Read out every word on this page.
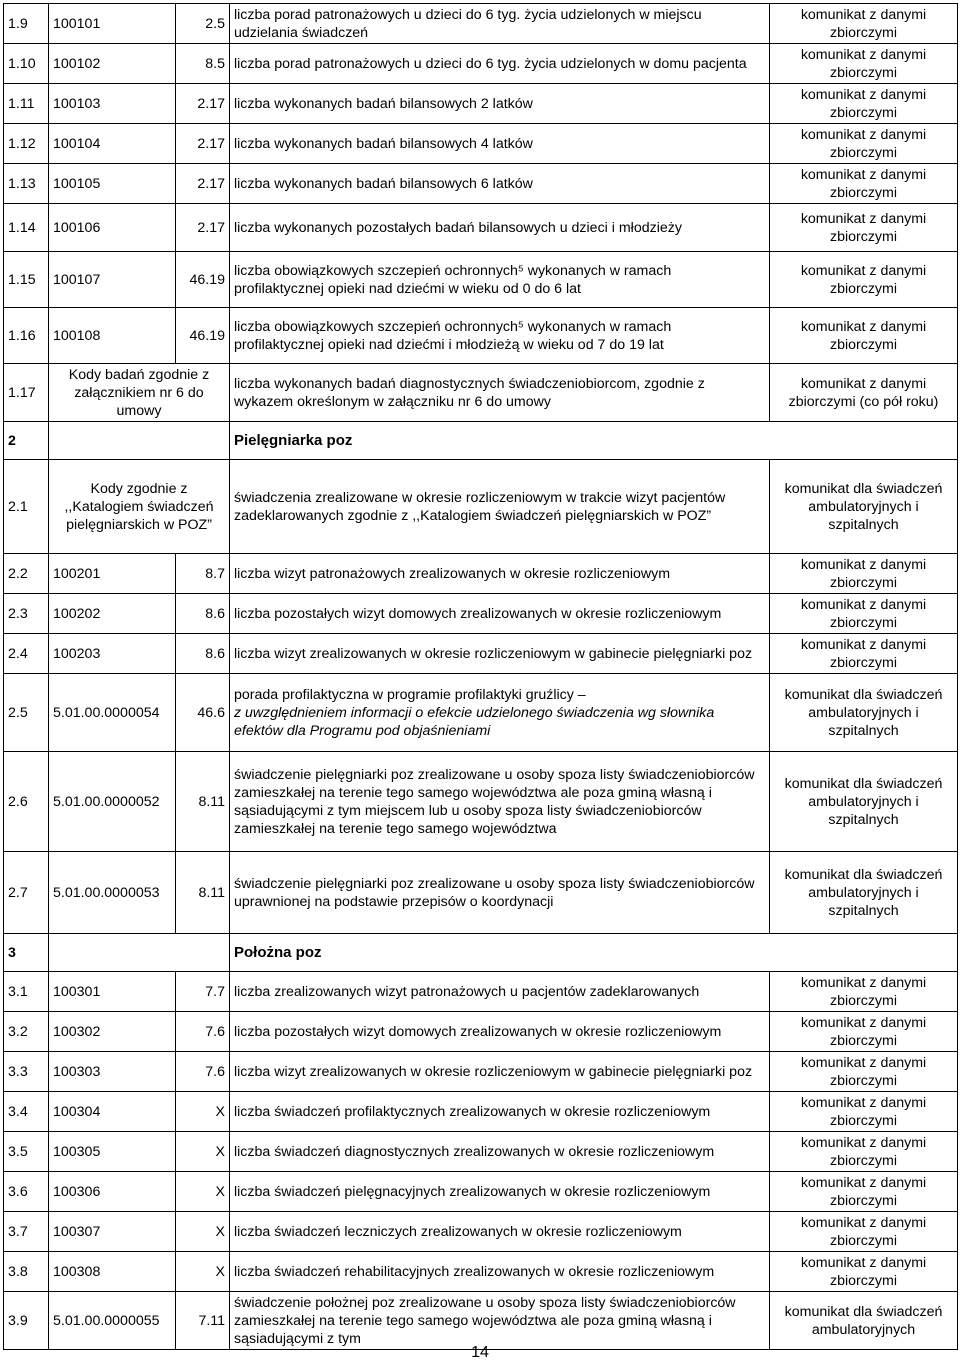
1.9	100101	2.5	liczba porad patronażowych u dzieci do 6 tyg. życia udzielonych w miejscu udzielania świadczeń	komunikat z danymi zbiorczymi
1.10	100102	8.5	liczba porad patronażowych u dzieci do 6 tyg. życia udzielonych w domu pacjenta	komunikat z danymi zbiorczymi
1.11	100103	2.17	liczba wykonanych badań bilansowych 2 latków	komunikat z danymi zbiorczymi
1.12	100104	2.17	liczba wykonanych badań bilansowych 4 latków	komunikat z danymi zbiorczymi
1.13	100105	2.17	liczba wykonanych badań bilansowych 6 latków	komunikat z danymi zbiorczymi
1.14	100106	2.17	liczba wykonanych pozostałych badań bilansowych u dzieci i młodzieży	komunikat z danymi zbiorczymi
1.15	100107	46.19	liczba obowiązkowych szczepień ochronnych⁵ wykonanych w ramach profilaktycznej opieki nad dziećmi w wieku od 0 do 6 lat	komunikat z danymi zbiorczymi
1.16	100108	46.19	liczba obowiązkowych szczepień ochronnych⁵ wykonanych w ramach profilaktycznej opieki nad dziećmi i młodzieżą w wieku od 7 do 19 lat	komunikat z danymi zbiorczymi
1.17	Kody badań zgodnie z załącznikiem nr 6 do umowy		liczba wykonanych badań diagnostycznych świadczeniobiorcom, zgodnie z wykazem określonym w załączniku nr 6 do umowy	komunikat z danymi zbiorczymi (co pół roku)
2			Pielęgniarka poz	
2.1	Kody zgodnie z ,,Katalogiem świadczeń pielęgniarskich w POZ”		świadczenia zrealizowane w okresie rozliczeniowym w trakcie wizyt pacjentów zadeklarowanych zgodnie z ,,Katalogiem świadczeń pielęgniarskich w POZ”	komunikat dla świadczeń ambulatoryjnych i szpitalnych
2.2	100201	8.7	liczba wizyt patronażowych zrealizowanych w okresie rozliczeniowym	komunikat z danymi zbiorczymi
2.3	100202	8.6	liczba pozostałych wizyt domowych zrealizowanych w okresie rozliczeniowym	komunikat z danymi zbiorczymi
2.4	100203	8.6	liczba wizyt zrealizowanych w okresie rozliczeniowym w gabinecie pielęgniarki poz	komunikat z danymi zbiorczymi
2.5	5.01.00.0000054	46.6	porada profilaktyczna w programie profilaktyki gruźlicy –
z uwzględnieniem informacji o efekcie udzielonego świadczenia wg słownika efektów dla Programu pod objaśnieniami	komunikat dla świadczeń ambulatoryjnych i szpitalnych
2.6	5.01.00.0000052	8.11	świadczenie pielęgniarki poz zrealizowane u osoby spoza listy świadczeniobiorców zamieszkałej na terenie tego samego województwa ale poza gminą własną i sąsiadującymi z tym miejscem lub u osoby spoza listy świadczeniobiorców zamieszkałej na terenie tego samego województwa	komunikat dla świadczeń ambulatoryjnych i szpitalnych
2.7	5.01.00.0000053	8.11	świadczenie pielęgniarki poz zrealizowane u osoby spoza listy świadczeniobiorców uprawnionej na podstawie przepisów o koordynacji	komunikat dla świadczeń ambulatoryjnych i szpitalnych
3			Położna poz	
3.1	100301	7.7	liczba zrealizowanych wizyt patronażowych u pacjentów zadeklarowanych	komunikat z danymi zbiorczymi
3.2	100302	7.6	liczba pozostałych wizyt domowych zrealizowanych w okresie rozliczeniowym	komunikat z danymi zbiorczymi
3.3	100303	7.6	liczba wizyt zrealizowanych w okresie rozliczeniowym w gabinecie pielęgniarki poz	komunikat z danymi zbiorczymi
3.4	100304	X	liczba świadczeń profilaktycznych zrealizowanych w okresie rozliczeniowym	komunikat z danymi zbiorczymi
3.5	100305	X	liczba świadczeń diagnostycznych zrealizowanych w okresie rozliczeniowym	komunikat z danymi zbiorczymi
3.6	100306	X	liczba świadczeń pielęgnacyjnych zrealizowanych w okresie rozliczeniowym	komunikat z danymi zbiorczymi
3.7	100307	X	liczba świadczeń leczniczych zrealizowanych w okresie rozliczeniowym	komunikat z danymi zbiorczymi
3.8	100308	X	liczba świadczeń rehabilitacyjnych zrealizowanych w okresie rozliczeniowym	komunikat z danymi zbiorczymi
3.9	5.01.00.0000055	7.11	świadczenie położnej poz zrealizowane u osoby spoza listy świadczeniobiorców zamieszkałej na terenie tego samego województwa ale poza gminą własną i sąsiadującymi z tym	komunikat dla świadczeń ambulatoryjnych
14
